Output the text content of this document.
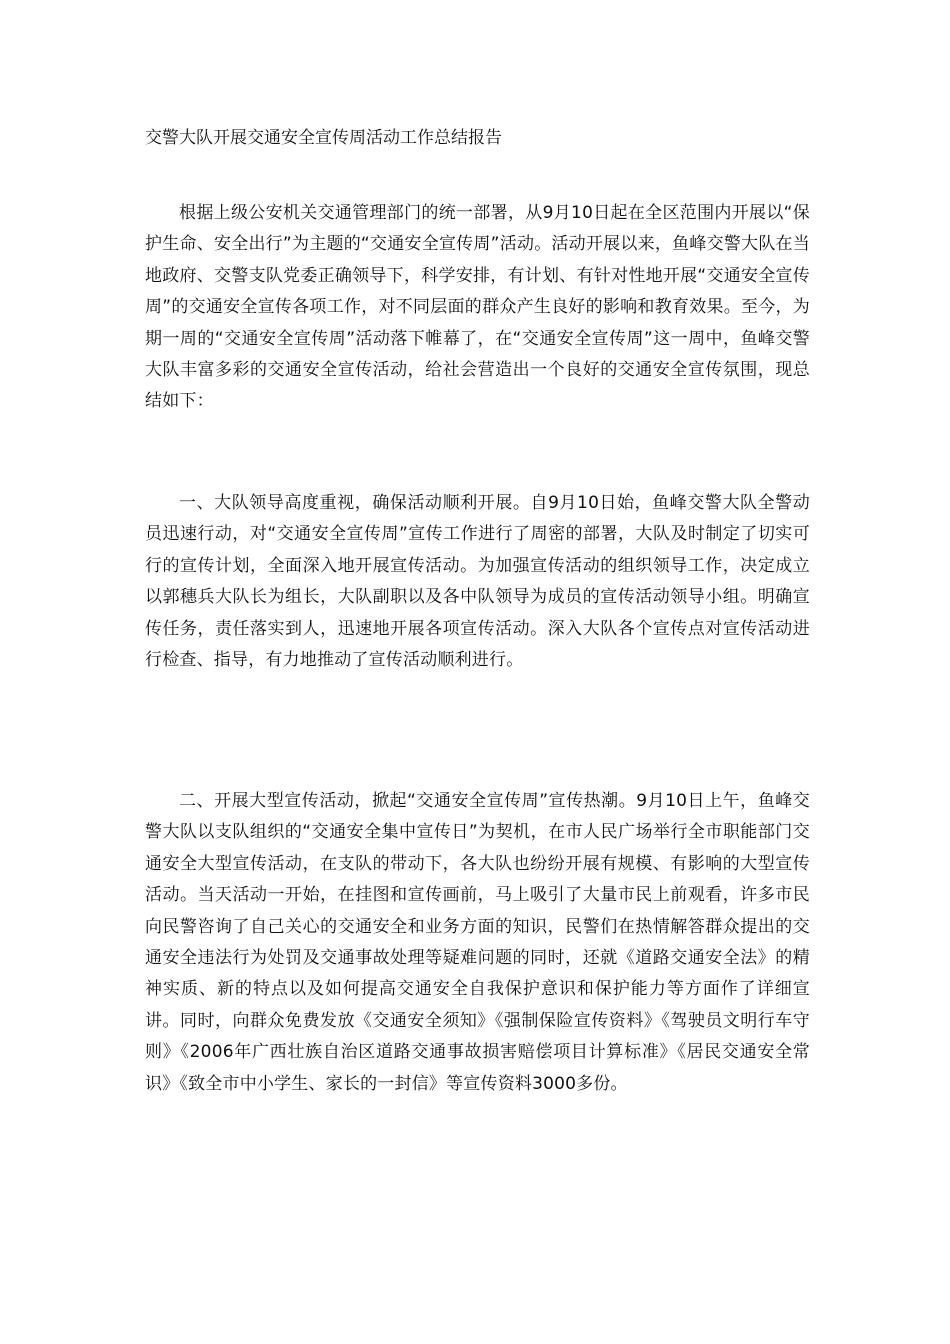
交警大队开展交通安全宣传周活动工作总结报告

根据上级公安机关交通管理部门的统一部署，从9月10日起在全区范围内开展以“保护生命、安全出行”为主题的“交通安全宣传周”活动。活动开展以来，鱼峰交警大队在当地政府、交警支队党委正确领导下，科学安排，有计划、有针对性地开展“交通安全宣传周”的交通安全宣传各项工作，对不同层面的群众产生良好的影响和教育效果。至今，为期一周的“交通安全宣传周”活动落下帷幕了，在“交通安全宣传周”这一周中，鱼峰交警大队丰富多彩的交通安全宣传活动，给社会营造出一个良好的交通安全宣传氛围，现总结如下：

一、大队领导高度重视，确保活动顺利开展。自9月10日始，鱼峰交警大队全警动员迅速行动，对“交通安全宣传周”宣传工作进行了周密的部署，大队及时制定了切实可行的宣传计划，全面深入地开展宣传活动。为加强宣传活动的组织领导工作，决定成立以郭穗兵大队长为组长，大队副职以及各中队领导为成员的宣传活动领导小组。明确宣传任务，责任落实到人，迅速地开展各项宣传活动。深入大队各个宣传点对宣传活动进行检查、指导，有力地推动了宣传活动顺利进行。

二、开展大型宣传活动，掀起“交通安全宣传周”宣传热潮。9月10日上午，鱼峰交警大队以支队组织的“交通安全集中宣传日”为契机，在市人民广场举行全市职能部门交通安全大型宣传活动，在支队的带动下，各大队也纷纷开展有规模、有影响的大型宣传活动。当天活动一开始，在挂图和宣传画前，马上吸引了大量市民上前观看，许多市民向民警咨询了自己关心的交通安全和业务方面的知识，民警们在热情解答群众提出的交通安全违法行为处罚及交通事故处理等疑难问题的同时，还就《道路交通安全法》的精神实质、新的特点以及如何提高交通安全自我保护意识和保护能力等方面作了详细宣讲。同时，向群众免费发放《交通安全须知》《强制保险宣传资料》《驾驶员文明行车守则》《2006年广西壮族自治区道路交通事故损害赔偿项目计算标准》《居民交通安全常识》《致全市中小学生、家长的一封信》等宣传资料3000多份。
